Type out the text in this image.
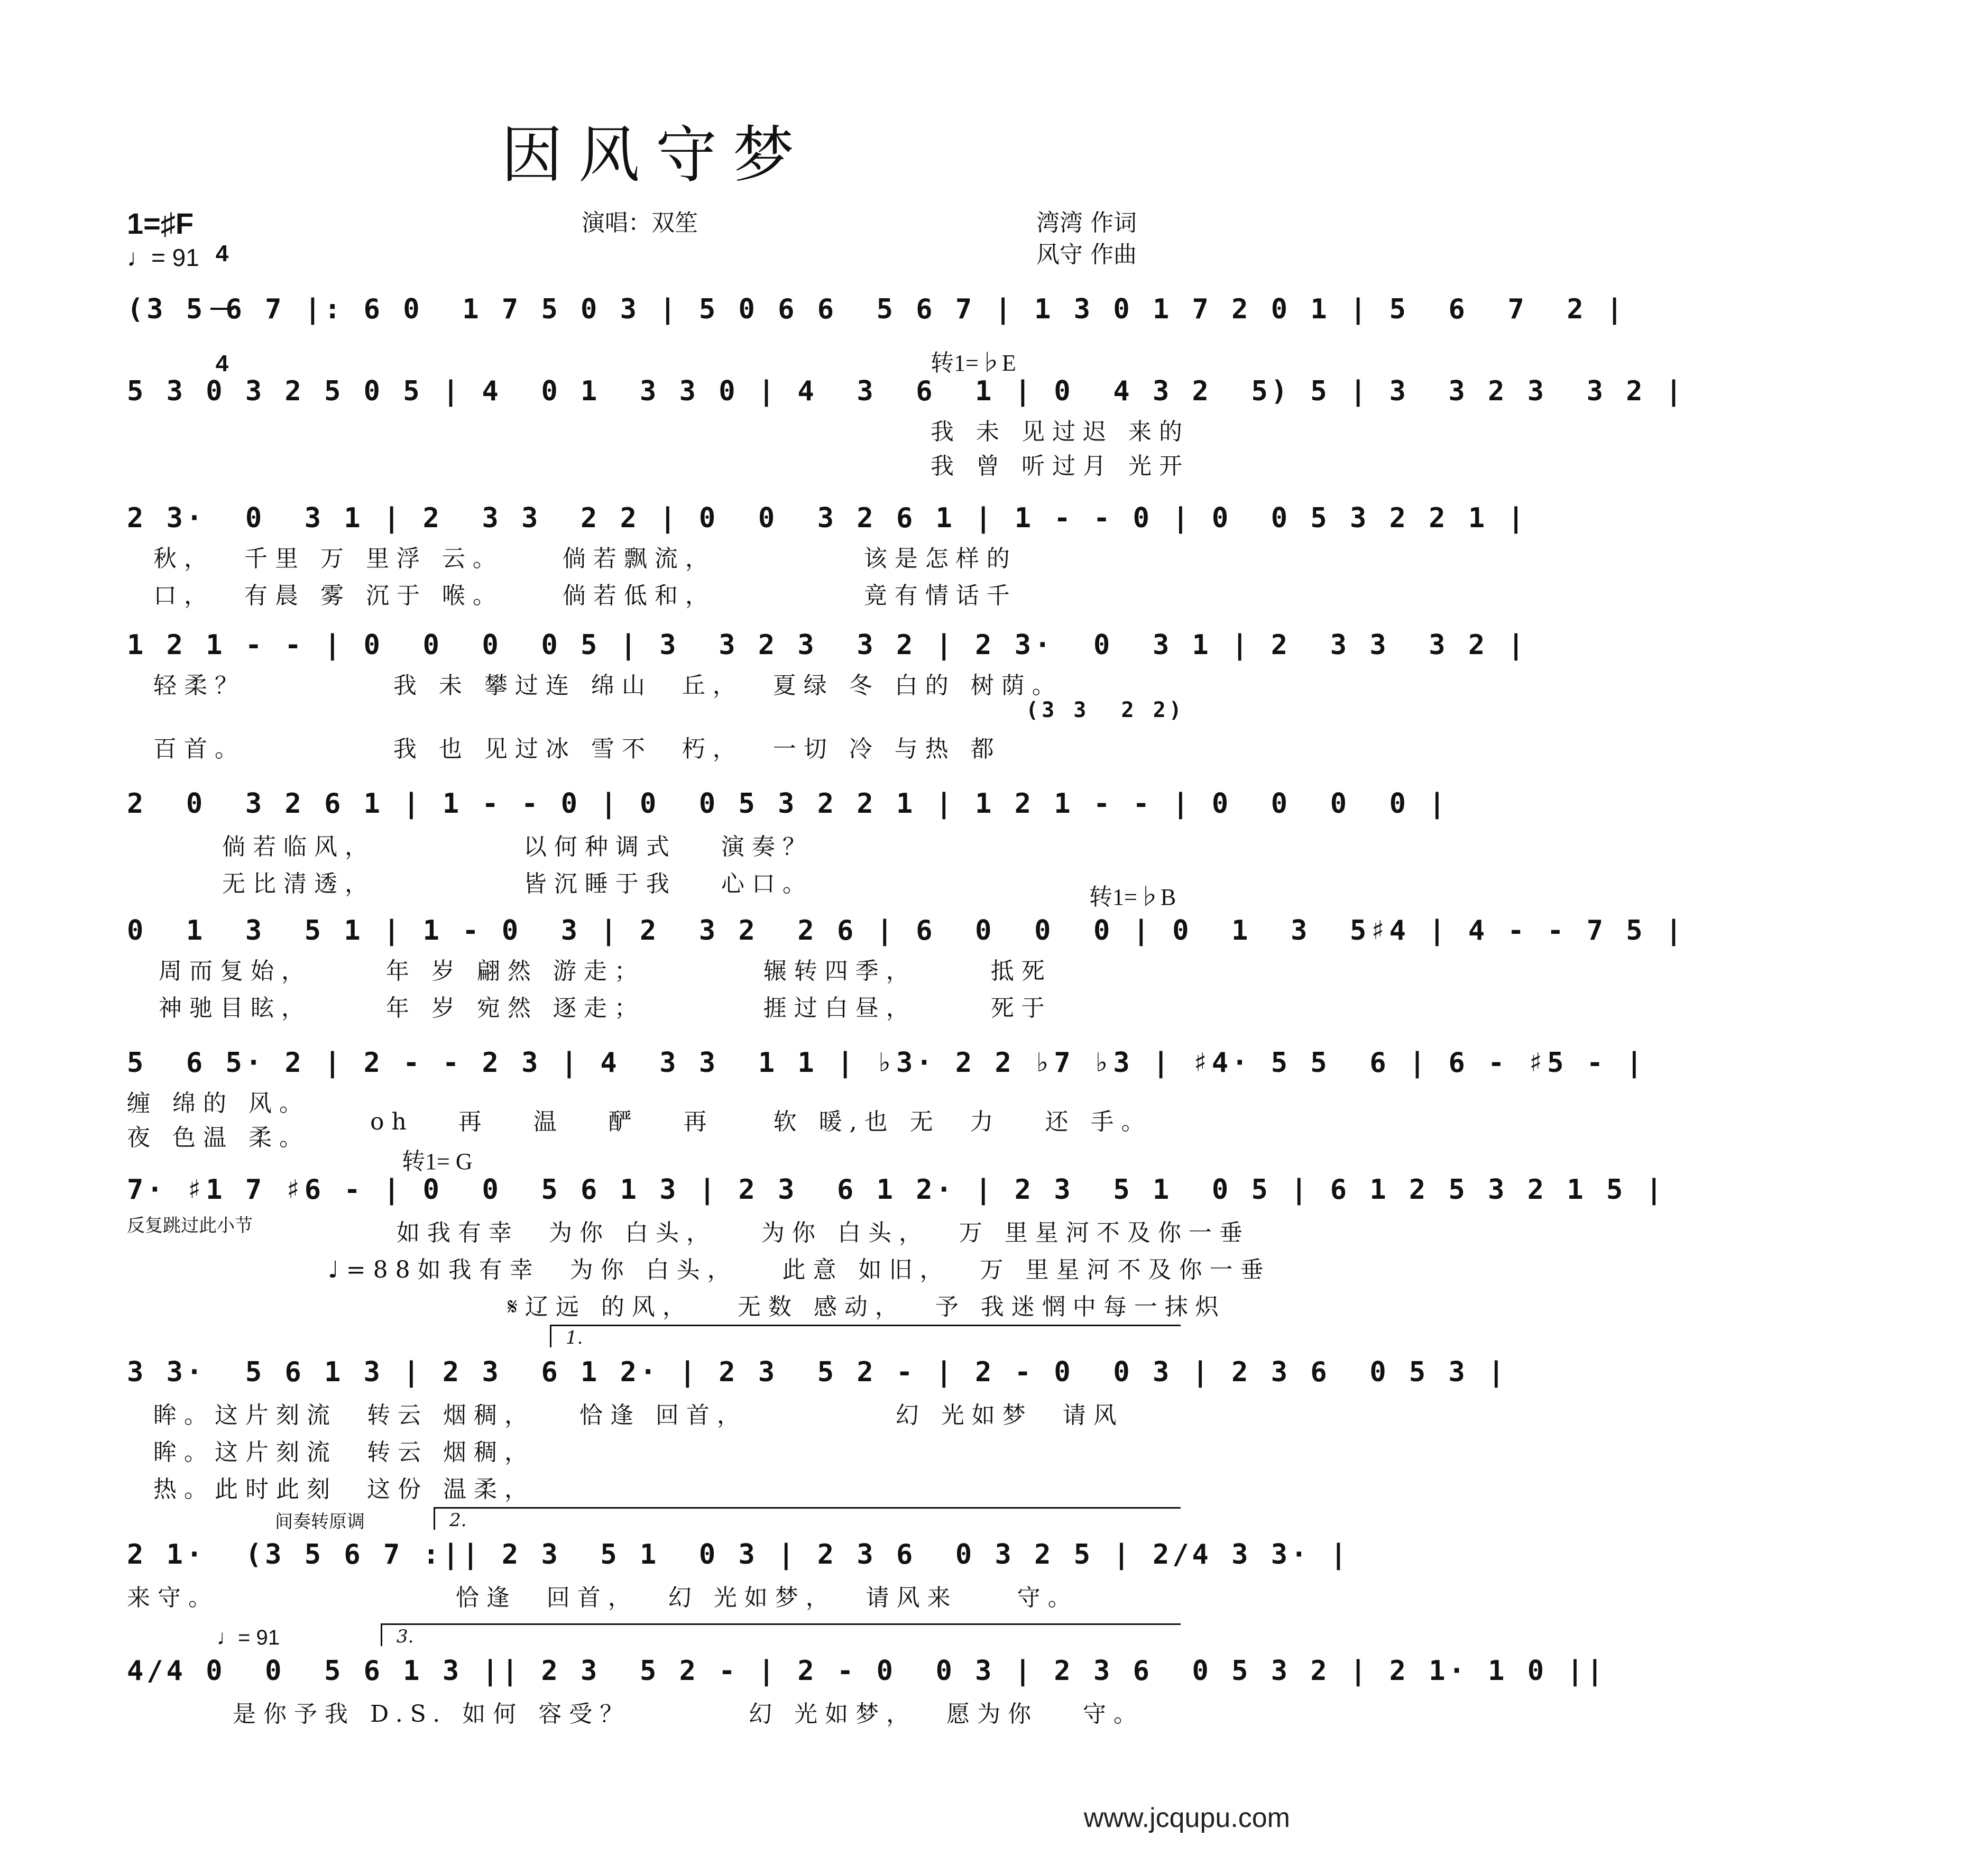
因风守梦
1=♯F

4

4

♩= 91
演唱：双笙	湾湾 作词
风守 作曲
(3 5 6 7 |: 6 0  1 7 5 0 3 | 5 0 6 6  5 6 7 | 1 3 0 1 7 2 0 1 | 5  6  7  2 |
转1=♭E
5 3 0 3 2 5 0 5 | 4  0 1  3 3 0 | 4  3  6  1 | 0  4 3 2  5) 5 | 3  3 2 3  3 2 |
我 未 见过迟 来的
我 曾 听过月 光开
2 3·  0  3 1 | 2  3 3  2 2 | 0  0  3 2 6 1 | 1 - - 0 | 0  0 5 3 2 2 1 |
秋，  千里 万 里浮 云。    倘若飘流，          该是怎样的
口，  有晨 雾 沉于 喉。    倘若低和，          竟有情话千
1 2 1 - - | 0  0  0  0 5 | 3  3 2 3  3 2 | 2 3·  0  3 1 | 2  3 3  3 2 |
轻柔？          我 未 攀过连 绵山  丘，  夏绿 冬 白的 树荫。
(3 3  2 2)
百首。          我 也 见过冰 雪不  朽，  一切 冷 与热 都
2  0  3 2 6 1 | 1 - - 0 | 0  0 5 3 2 2 1 | 1 2 1 - - | 0  0  0  0 |
倘若临风，          以何种调式   演奏？
无比清透，          皆沉睡于我   心口。	转1=♭B
0  1  3  5 1 | 1 - 0  3 | 2  3 2  2 6 | 6  0  0  0 | 0  1  3  5♯4 | 4 - - 7 5 |
周而复始，     年 岁 翩然 游走；        辗转四季，     抵死
神驰目眩，     年 岁 宛然 逐走；        捱过白昼，     死于
5  6 5· 2 | 2 - - 2 3 | 4  3 3  1 1 | ♭3· 2 2 ♭7 ♭3 | ♯4· 5 5  6 | 6 - ♯5 - |
缠 绵的 风。
夜 色温 柔。
oh   再   温   酽   再    软 暖,也 无  力   还 手。
转1= G
7· ♯1 7 ♯6 - | 0  0  5 6 1 3 | 2 3  6 1 2· | 2 3  5 1  0 5 | 6 1 2 5 3 2 1 5 |
反复跳过此小节	如我有幸  为你 白头，   为你 白头，  万 里星河不及你一垂
♩=88如我有幸  为你 白头，   此意 如旧，  万 里星河不及你一垂
𝄋辽远 的风，   无数 感动，  予 我迷惘中每一抹炽
1.
3 3·  5 6 1 3 | 2 3  6 1 2· | 2 3  5 2 - | 2 - 0  0 3 | 2 3 6  0 5 3 |
眸。这片刻流  转云 烟稠，   恰逢 回首，          幻 光如梦  请风
眸。这片刻流  转云 烟稠，
热。此时此刻  这份 温柔，
间奏转原调	2.
2 1·  (3 5 6 7 :|| 2 3  5 1  0 3 | 2 3 6  0 3 2 5 | 2/4 3 3· |
来守。                恰逢  回首，  幻 光如梦，  请风来    守。
♩= 91	3.
4/4 0  0  5 6 1 3 || 2 3  5 2 - | 2 - 0  0 3 | 2 3 6  0 5 3 2 | 2 1· 1 0 ||
是你予我 D.S. 如何 容受？        幻 光如梦，  愿为你   守。
www.jcqupu.com
